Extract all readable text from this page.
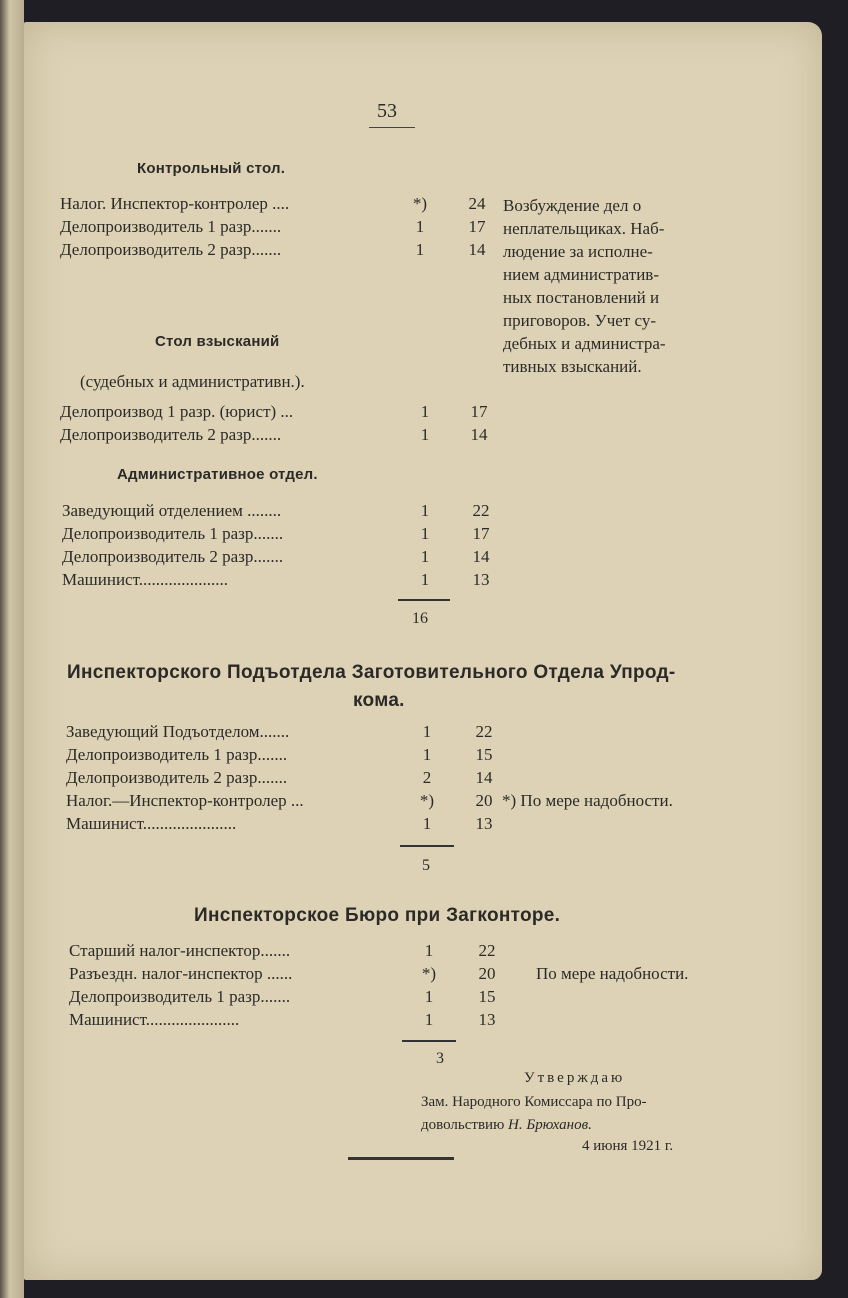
53
Контрольный стол.
Налог. Инспектор-контролер ....	*)	24
Делопроизводитель 1 разр.......	1	17
Делопроизводитель 2 разр.......	1	14
Возбуждение дел о
неплательщиках. Наб-
людение за исполне-
нием административ-
ных постановлений и
приговоров. Учет су-
дебных и администра-
тивных взысканий.
Стол взысканий
(судебных и административн.).
Делопроизвод 1 разр. (юрист) ...	1	17
Делопроизводитель 2 разр.......	1	14
Административное отдел.
Заведующий отделением ........	1	22
Делопроизводитель 1 разр.......	1	17
Делопроизводитель 2 разр.......	1	14
Машинист.....................	1	13
16
Инспекторского Подъотдела Заготовительного Отдела Упрод-
кома.
Заведующий Подъотделом.......	1	22
Делопроизводитель 1 разр.......	1	15
Делопроизводитель 2 разр.......	2	14
Налог.—Инспектор-контролер ...	*)	20 *) По мере надобности.
Машинист......................	1	13
5
Инспекторское Бюро при Загконторе.
Старший налог-инспектор.......	1	22
Разъездн. налог-инспектор ......	*)	20	По мере надобности.
Делопроизводитель 1 разр.......	1	15
Машинист......................	1	13
3
Утверждаю
Зам. Народного Комиссара по Про-
довольствию Н. Брюханов.
4 июня 1921 г.
